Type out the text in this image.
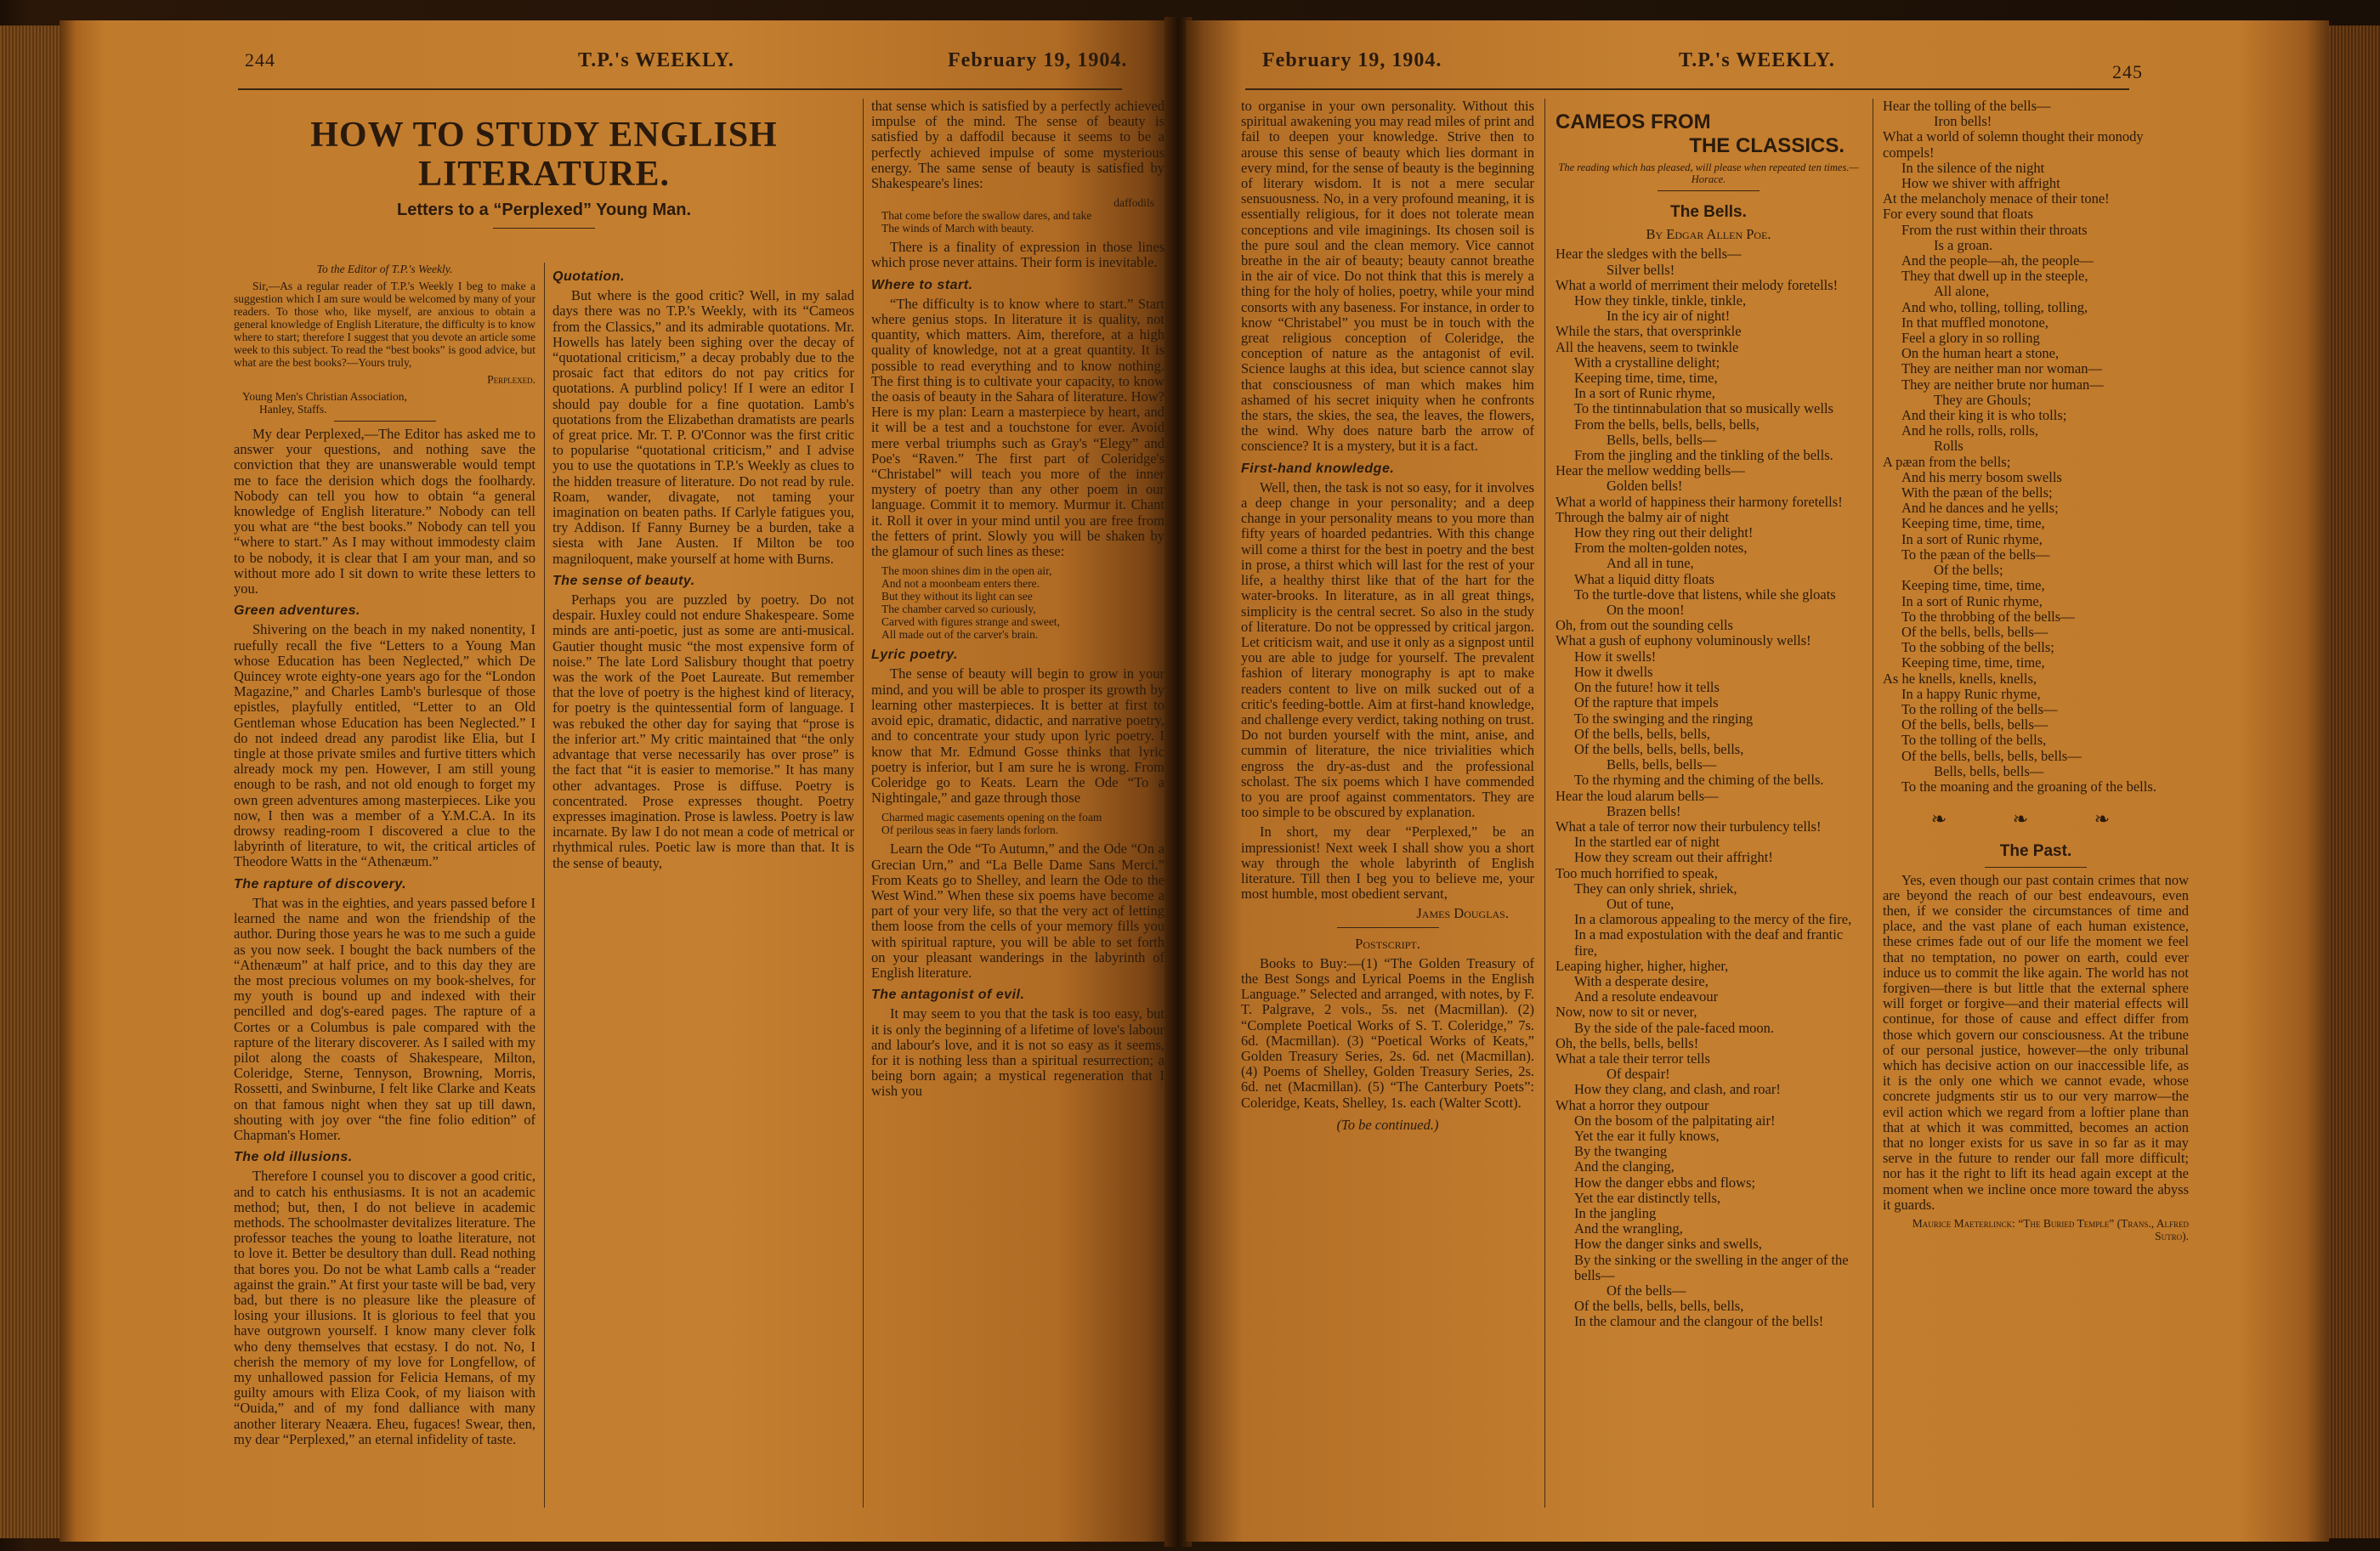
244	T.P.'s WEEKLY.	February 19, 1904.
HOW TO STUDY ENGLISH
LITERATURE.
Letters to a “Perplexed” Young Man.

To the Editor of T.P.'s Weekly.

Sir,—As a regular reader of T.P.'s Weekly I beg to make a suggestion which I am sure would be welcomed by many of your readers. To those who, like myself, are anxious to obtain a general knowledge of English Literature, the difficulty is to know where to start; therefore I suggest that you devote an article some week to this subject. To read the “best books” is good advice, but what are the best books?—Yours truly,

Perplexed.

Young Men's Christian Association,
Hanley, Staffs.

My dear Perplexed,—The Editor has asked me to answer your questions, and nothing save the conviction that they are unanswerable would tempt me to face the derision which dogs the foolhardy. Nobody can tell you how to obtain “a general knowledge of English literature.” Nobody can tell you what are “the best books.” Nobody can tell you “where to start.” As I may without immodesty claim to be nobody, it is clear that I am your man, and so without more ado I sit down to write these letters to you.

Green adventures.

Shivering on the beach in my naked nonentity, I ruefully recall the five “Letters to a Young Man whose Education has been Neglected,” which De Quincey wrote eighty-one years ago for the “London Magazine,” and Charles Lamb's burlesque of those epistles, playfully entitled, “Letter to an Old Gentleman whose Education has been Neglected.” I do not indeed dread any parodist like Elia, but I tingle at those private smiles and furtive titters which already mock my pen. However, I am still young enough to be rash, and not old enough to forget my own green adventures among masterpieces. Like you now, I then was a member of a Y.M.C.A. In its drowsy reading-room I discovered a clue to the labyrinth of literature, to wit, the critical articles of Theodore Watts in the “Athenæum.”

The rapture of discovery.

That was in the eighties, and years passed before I learned the name and won the friendship of the author. During those years he was to me such a guide as you now seek. I bought the back numbers of the “Athenæum” at half price, and to this day they are the most precious volumes on my book-shelves, for my youth is bound up and indexed with their pencilled and dog's-eared pages. The rapture of a Cortes or a Columbus is pale compared with the rapture of the literary discoverer. As I sailed with my pilot along the coasts of Shakespeare, Milton, Coleridge, Sterne, Tennyson, Browning, Morris, Rossetti, and Swinburne, I felt like Clarke and Keats on that famous night when they sat up till dawn, shouting with joy over “the fine folio edition” of Chapman's Homer.

The old illusions.

Therefore I counsel you to discover a good critic, and to catch his enthusiasms. It is not an academic method; but, then, I do not believe in academic methods. The schoolmaster devitalizes literature. The professor teaches the young to loathe literature, not to love it. Better be desultory than dull. Read nothing that bores you. Do not be what Lamb calls a “reader against the grain.” At first your taste will be bad, very bad, but there is no pleasure like the pleasure of losing your illusions. It is glorious to feel that you have outgrown yourself. I know many clever folk who deny themselves that ecstasy. I do not. No, I cherish the memory of my love for Longfellow, of my unhallowed passion for Felicia Hemans, of my guilty amours with Eliza Cook, of my liaison with “Ouida,” and of my fond dalliance with many another literary Neaæra. Eheu, fugaces! Swear, then, my dear “Perplexed,” an eternal infidelity of taste.

Quotation.

But where is the good critic? Well, in my salad days there was no T.P.'s Weekly, with its “Cameos from the Classics,” and its admirable quotations. Mr. Howells has lately been sighing over the decay of “quotational criticism,” a decay probably due to the prosaic fact that editors do not pay critics for quotations. A purblind policy! If I were an editor I should pay double for a fine quotation. Lamb's quotations from the Elizabethan dramatists are pearls of great price. Mr. T. P. O'Connor was the first critic to popularise “quotational criticism,” and I advise you to use the quotations in T.P.'s Weekly as clues to the hidden treasure of literature. Do not read by rule. Roam, wander, divagate, not taming your imagination on beaten paths. If Carlyle fatigues you, try Addison. If Fanny Burney be a burden, take a siesta with Jane Austen. If Milton be too magniloquent, make yourself at home with Burns.

The sense of beauty.

Perhaps you are puzzled by poetry. Do not despair. Huxley could not endure Shakespeare. Some minds are anti-poetic, just as some are anti-musical. Gautier thought music “the most expensive form of noise.” The late Lord Salisbury thought that poetry was the work of the Poet Laureate. But remember that the love of poetry is the highest kind of literacy, for poetry is the quintessential form of language. I was rebuked the other day for saying that “prose is the inferior art.” My critic maintained that “the only advantage that verse necessarily has over prose” is the fact that “it is easier to memorise.” It has many other advantages. Prose is diffuse. Poetry is concentrated. Prose expresses thought. Poetry expresses imagination. Prose is lawless. Poetry is law incarnate. By law I do not mean a code of metrical or rhythmical rules. Poetic law is more than that. It is the sense of beauty,

that sense which is satisfied by a perfectly achieved impulse of the mind. The sense of beauty is satisfied by a daffodil because it seems to be a perfectly achieved impulse of some mysterious energy. The same sense of beauty is satisfied by Shakespeare's lines:

daffodils
That come before the swallow dares, and take
The winds of March with beauty.

There is a finality of expression in those lines which prose never attains. Their form is inevitable.

Where to start.

“The difficulty is to know where to start.” Start where genius stops. In literature it is quality, not quantity, which matters. Aim, therefore, at a high quality of knowledge, not at a great quantity. It is possible to read everything and to know nothing. The first thing is to cultivate your capacity, to know the oasis of beauty in the Sahara of literature. How? Here is my plan: Learn a masterpiece by heart, and it will be a test and a touchstone for ever. Avoid mere verbal triumphs such as Gray's “Elegy” and Poe's “Raven.” The first part of Coleridge's “Christabel” will teach you more of the inner mystery of poetry than any other poem in our language. Commit it to memory. Murmur it. Chant it. Roll it over in your mind until you are free from the fetters of print. Slowly you will be shaken by the glamour of such lines as these:

The moon shines dim in the open air,
And not a moonbeam enters there.
But they without its light can see
The chamber carved so curiously,
Carved with figures strange and sweet,
All made out of the carver's brain.
Lyric poetry.

The sense of beauty will begin to grow in your mind, and you will be able to prosper its growth by learning other masterpieces. It is better at first to avoid epic, dramatic, didactic, and narrative poetry, and to concentrate your study upon lyric poetry. I know that Mr. Edmund Gosse thinks that lyric poetry is inferior, but I am sure he is wrong. From Coleridge go to Keats. Learn the Ode “To a Nightingale,” and gaze through those

Charmed magic casements opening on the foam
Of perilous seas in faery lands forlorn.

Learn the Ode “To Autumn,” and the Ode “On a Grecian Urn,” and “La Belle Dame Sans Merci.” From Keats go to Shelley, and learn the Ode to the West Wind.” When these six poems have become a part of your very life, so that the very act of letting them loose from the cells of your memory fills you with spiritual rapture, you will be able to set forth on your pleasant wanderings in the labyrinth of English literature.

The antagonist of evil.

It may seem to you that the task is too easy, but it is only the beginning of a lifetime of love's labour and labour's love, and it is not so easy as it seems, for it is nothing less than a spiritual resurrection; a being born again; a mystical regeneration that I wish you

February 19, 1904.	T.P.'s WEEKLY.
245

to organise in your own personality. Without this spiritual awakening you may read miles of print and fail to deepen your knowledge. Strive then to arouse this sense of beauty which lies dormant in every mind, for the sense of beauty is the beginning of literary wisdom. It is not a mere secular sensuousness. No, in a very profound meaning, it is essentially religious, for it does not tolerate mean conceptions and vile imaginings. Its chosen soil is the pure soul and the clean memory. Vice cannot breathe in the air of beauty; beauty cannot breathe in the air of vice. Do not think that this is merely a thing for the holy of holies, poetry, while your mind consorts with any baseness. For instance, in order to know “Christabel” you must be in touch with the great religious conception of Coleridge, the conception of nature as the antagonist of evil. Science laughs at this idea, but science cannot slay that consciousness of man which makes him ashamed of his secret iniquity when he confronts the stars, the skies, the sea, the leaves, the flowers, the wind. Why does nature barb the arrow of conscience? It is a mystery, but it is a fact.

First-hand knowledge.

Well, then, the task is not so easy, for it involves a deep change in your personality; and a deep change in your personality means to you more than fifty years of hoarded pedantries. With this change will come a thirst for the best in poetry and the best in prose, a thirst which will last for the rest of your life, a healthy thirst like that of the hart for the water-brooks. In literature, as in all great things, simplicity is the central secret. So also in the study of literature. Do not be oppressed by critical jargon. Let criticism wait, and use it only as a signpost until you are able to judge for yourself. The prevalent fashion of literary monography is apt to make readers content to live on milk sucked out of a critic's feeding-bottle. Aim at first-hand knowledge, and challenge every verdict, taking nothing on trust. Do not burden yourself with the mint, anise, and cummin of literature, the nice trivialities which engross the dry-as-dust and the professional scholast. The six poems which I have commended to you are proof against commentators. They are too simple to be obscured by explanation.

In short, my dear “Perplexed,” be an impressionist! Next week I shall show you a short way through the whole labyrinth of English literature. Till then I beg you to believe me, your most humble, most obedient servant,

James Douglas.

Postscript.

Books to Buy:—(1) “The Golden Treasury of the Best Songs and Lyrical Poems in the English Language.” Selected and arranged, with notes, by F. T. Palgrave, 2 vols., 5s. net (Macmillan). (2) “Complete Poetical Works of S. T. Coleridge,” 7s. 6d. (Macmillan). (3) “Poetical Works of Keats,” Golden Treasury Series, 2s. 6d. net (Macmillan). (4) Poems of Shelley, Golden Treasury Series, 2s. 6d. net (Macmillan). (5) “The Canterbury Poets”: Coleridge, Keats, Shelley, 1s. each (Walter Scott).

(To be continued.)

CAMEOS FROM
THE CLASSICS.
The reading which has pleased, will please when repeated ten times.—Horace.
The Bells.

By Edgar Allen Poe.

Hear the sledges with the bells—
Silver bells!
What a world of merriment their melody foretells!
How they tinkle, tinkle, tinkle,
In the icy air of night!
While the stars, that oversprinkle
All the heavens, seem to twinkle
With a crystalline delight;
Keeping time, time, time,
In a sort of Runic rhyme,
To the tintinnabulation that so musically wells
From the bells, bells, bells, bells,
Bells, bells, bells—
From the jingling and the tinkling of the bells.
Hear the mellow wedding bells—
Golden bells!
What a world of happiness their harmony foretells!
Through the balmy air of night
How they ring out their delight!
From the molten-golden notes,
And all in tune,
What a liquid ditty floats
To the turtle-dove that listens, while she gloats
On the moon!
Oh, from out the sounding cells
What a gush of euphony voluminously wells!
How it swells!
How it dwells
On the future! how it tells
Of the rapture that impels
To the swinging and the ringing
Of the bells, bells, bells,
Of the bells, bells, bells, bells,
Bells, bells, bells—
To the rhyming and the chiming of the bells.
Hear the loud alarum bells—
Brazen bells!
What a tale of terror now their turbulency tells!
In the startled ear of night
How they scream out their affright!
Too much horrified to speak,
They can only shriek, shriek,
Out of tune,
In a clamorous appealing to the mercy of the fire,
In a mad expostulation with the deaf and frantic fire,
Leaping higher, higher, higher,
With a desperate desire,
And a resolute endeavour
Now, now to sit or never,
By the side of the pale-faced moon.
Oh, the bells, bells, bells!
What a tale their terror tells
Of despair!
How they clang, and clash, and roar!
What a horror they outpour
On the bosom of the palpitating air!
Yet the ear it fully knows,
By the twanging
And the clanging,
How the danger ebbs and flows;
Yet the ear distinctly tells,
In the jangling
And the wrangling,
How the danger sinks and swells,
By the sinking or the swelling in the anger of the bells—
Of the bells—
Of the bells, bells, bells, bells,
In the clamour and the clangour of the bells!
Hear the tolling of the bells—
Iron bells!
What a world of solemn thought their monody compels!
In the silence of the night
How we shiver with affright
At the melancholy menace of their tone!
For every sound that floats
From the rust within their throats
Is a groan.
And the people—ah, the people—
They that dwell up in the steeple,
All alone,
And who, tolling, tolling, tolling,
In that muffled monotone,
Feel a glory in so rolling
On the human heart a stone,
They are neither man nor woman—
They are neither brute nor human—
They are Ghouls;
And their king it is who tolls;
And he rolls, rolls, rolls,
Rolls
A pæan from the bells;
And his merry bosom swells
With the pæan of the bells;
And he dances and he yells;
Keeping time, time, time,
In a sort of Runic rhyme,
To the pæan of the bells—
Of the bells;
Keeping time, time, time,
In a sort of Runic rhyme,
To the throbbing of the bells—
Of the bells, bells, bells—
To the sobbing of the bells;
Keeping time, time, time,
As he knells, knells, knells,
In a happy Runic rhyme,
To the rolling of the bells—
Of the bells, bells, bells—
To the tolling of the bells,
Of the bells, bells, bells, bells—
Bells, bells, bells—
To the moaning and the groaning of the bells.
❧ ❧ ❧
The Past.

Yes, even though our past contain crimes that now are beyond the reach of our best endeavours, even then, if we consider the circumstances of time and place, and the vast plane of each human existence, these crimes fade out of our life the moment we feel that no temptation, no power on earth, could ever induce us to commit the like again. The world has not forgiven—there is but little that the external sphere will forget or forgive—and their material effects will continue, for those of cause and effect differ from those which govern our consciousness. At the tribune of our personal justice, however—the only tribunal which has decisive action on our inaccessible life, as it is the only one which we cannot evade, whose concrete judgments stir us to our very marrow—the evil action which we regard from a loftier plane than that at which it was committed, becomes an action that no longer exists for us save in so far as it may serve in the future to render our fall more difficult; nor has it the right to lift its head again except at the moment when we incline once more toward the abyss it guards.

Maurice Maeterlinck: “The Buried Temple” (Trans., Alfred Sutro).
